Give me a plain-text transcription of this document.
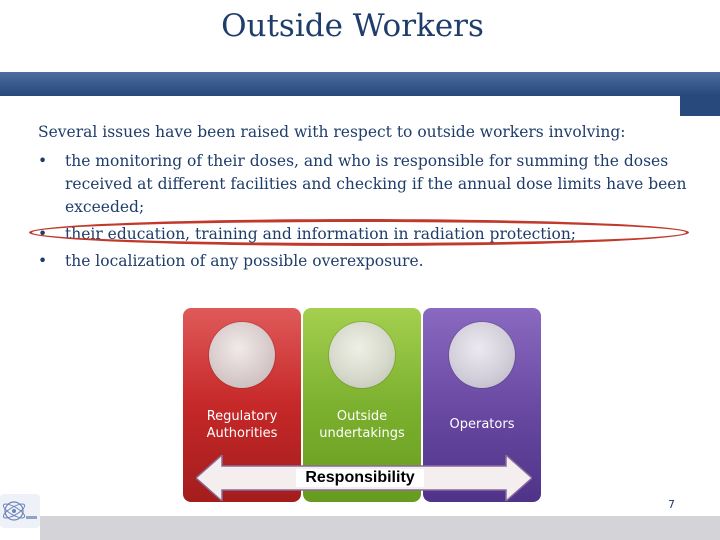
Outside Workers
Several issues have been raised with respect to outside workers involving:
• the monitoring of their doses, and who is responsible for summing the doses received at different facilities and checking if the annual dose limits have been exceeded;
• their education, training and information in radiation protection;
• the localization of any possible overexposure.
Regulatory Authorities
Outside undertakings
Operators
Responsibility
7
